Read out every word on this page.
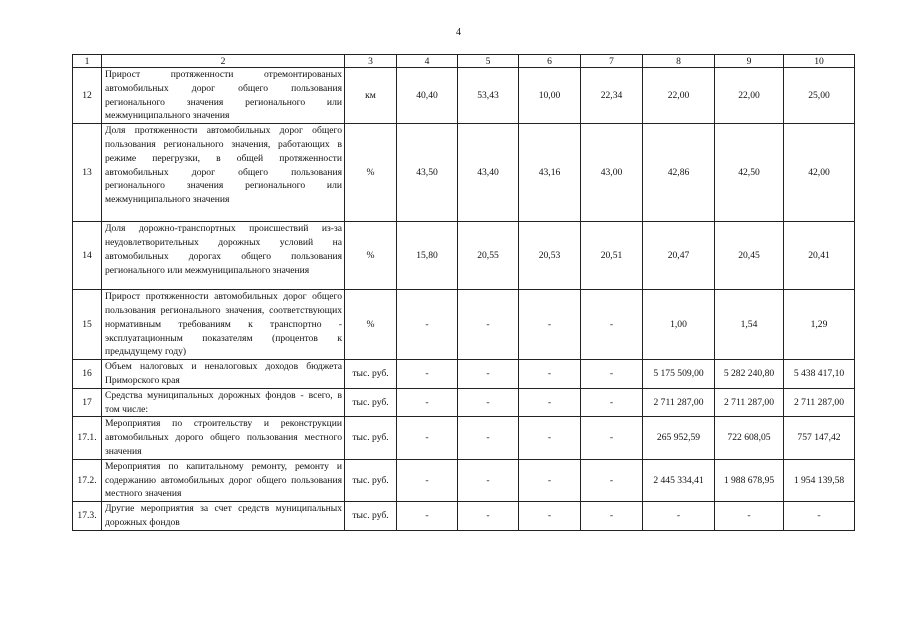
4
1	2	3	4	5	6	7	8	9	10
12	Прирост протяженности отремонтированых автомобильных дорог общего пользования регионального значения регионального или межмуниципального значения	км	40,40	53,43	10,00	22,34	22,00	22,00	25,00
13	Доля протяженности автомобильных дорог общего пользования регионального значения, работающих в режиме перегрузки, в общей протяженности автомобильных дорог общего пользования регионального значения регионального или межмуниципального значения	%	43,50	43,40	43,16	43,00	42,86	42,50	42,00
14	Доля дорожно-транспортных происшествий из-за неудовлетворительных дорожных условий на автомобильных дорогах общего пользования регионального или межмуниципального значения	%	15,80	20,55	20,53	20,51	20,47	20,45	20,41
15	Прирост протяженности автомобильных дорог общего пользования регионального значения, соответствующих нормативным требованиям к транспортно - эксплуатационным показателям (процентов к предыдущему году)	%	-	-	-	-	1,00	1,54	1,29
16	Объем налоговых и неналоговых доходов бюджета Приморского края	тыс. руб.	-	-	-	-	5 175 509,00	5 282 240,80	5 438 417,10
17	Средства муниципальных дорожных фондов - всего, в том числе:	тыс. руб.	-	-	-	-	2 711 287,00	2 711 287,00	2 711 287,00
17.1.	Мероприятия по строительству и реконструкции автомобильных дорого общего пользования местного значения	тыс. руб.	-	-	-	-	265 952,59	722 608,05	757 147,42
17.2.	Мероприятия по капитальному ремонту, ремонту и содержанию автомобильных дорог общего пользования местного значения	тыс. руб.	-	-	-	-	2 445 334,41	1 988 678,95	1 954 139,58
17.3.	Другие мероприятия за счет средств муниципальных дорожных фондов	тыс. руб.	-	-	-	-	-	-	-
